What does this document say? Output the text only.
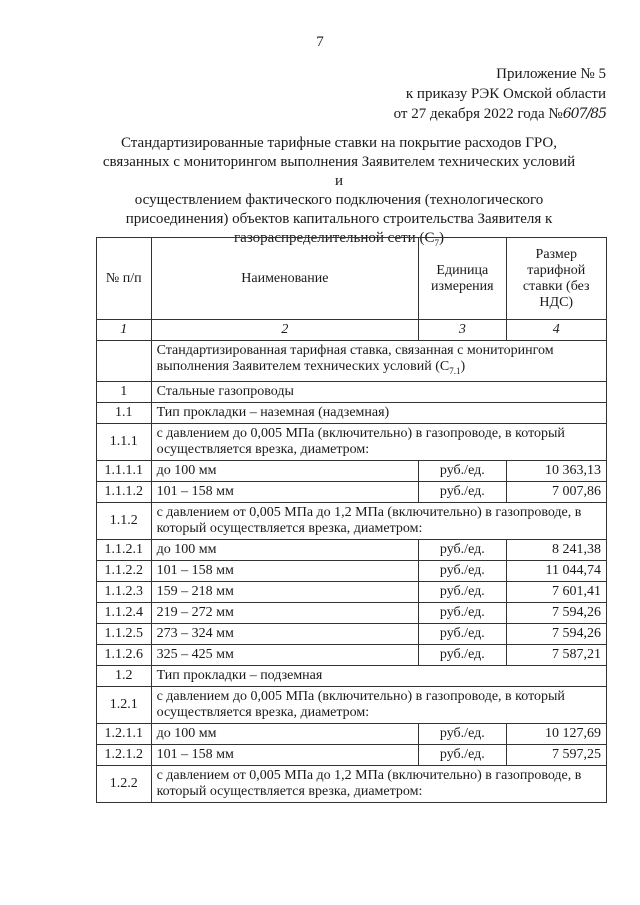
7
Приложение № 5
к приказу РЭК Омской области
от 27 декабря 2022 года №607/85
Стандартизированные тарифные ставки на покрытие расходов ГРО,
связанных с мониторингом выполнения Заявителем технических условий и
осуществлением фактического подключения (технологического
присоединения) объектов капитального строительства Заявителя к
газораспределительной сети $(С_7)$
№ п/п	Наименование	Единица измерения	Размер тарифной ставки (без НДС)
1	2	3	4
	Стандартизированная тарифная ставка, связанная с мониторингом выполнения Заявителем технических условий $(С_{7.1})$		
1	Стальные газопроводы		
1.1	Тип прокладки – наземная (надземная)		
1.1.1	с давлением до 0,005 МПа (включительно) в газопроводе, в который осуществляется врезка, диаметром:		
1.1.1.1	до 100 мм	руб./ед.	10 363,13
1.1.1.2	101 – 158 мм	руб./ед.	7 007,86
1.1.2	с давлением от 0,005 МПа до 1,2 МПа (включительно) в газопроводе, в который осуществляется врезка, диаметром:		
1.1.2.1	до 100 мм	руб./ед.	8 241,38
1.1.2.2	101 – 158 мм	руб./ед.	11 044,74
1.1.2.3	159 – 218 мм	руб./ед.	7 601,41
1.1.2.4	219 – 272 мм	руб./ед.	7 594,26
1.1.2.5	273 – 324 мм	руб./ед.	7 594,26
1.1.2.6	325 – 425 мм	руб./ед.	7 587,21
1.2	Тип прокладки – подземная		
1.2.1	с давлением до 0,005 МПа (включительно) в газопроводе, в который осуществляется врезка, диаметром:		
1.2.1.1	до 100 мм	руб./ед.	10 127,69
1.2.1.2	101 – 158 мм	руб./ед.	7 597,25
1.2.2	с давлением от 0,005 МПа до 1,2 МПа (включительно) в газопроводе, в который осуществляется врезка, диаметром:		
